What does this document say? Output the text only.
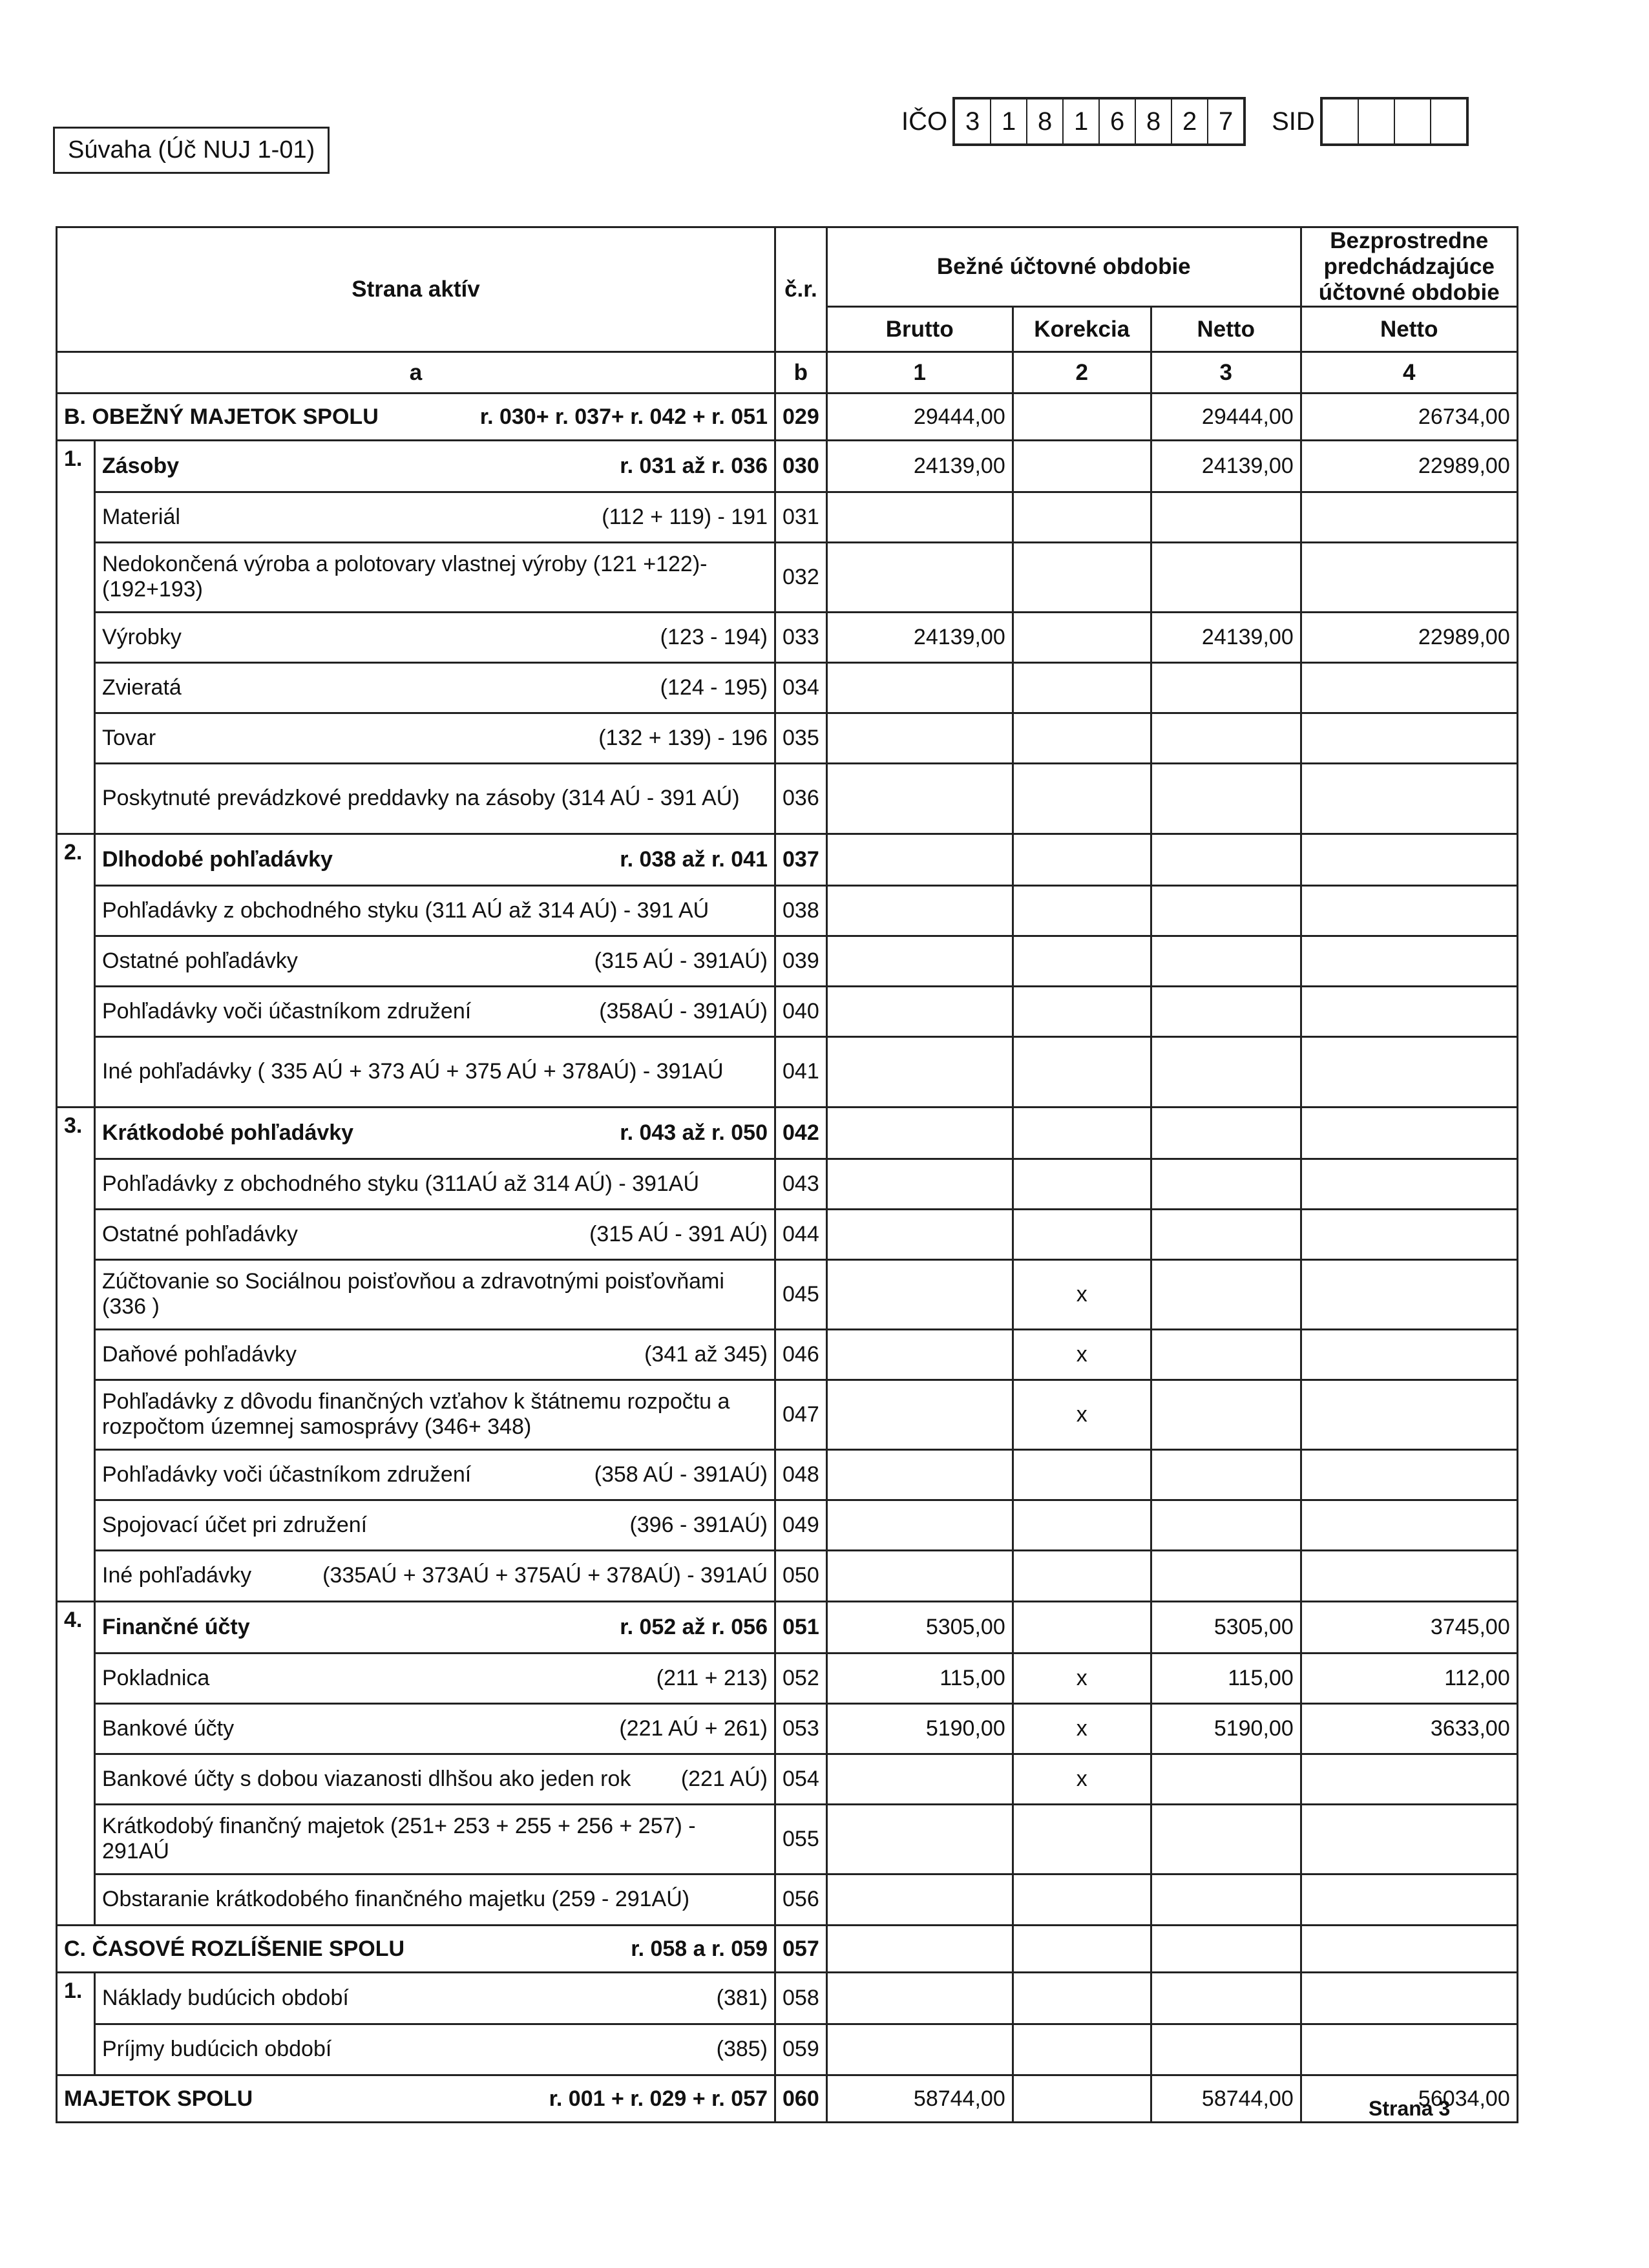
Súvaha (Úč NUJ 1-01)
IČO 3 1 8 1 6 8 2 7	SID
Strana aktív		č.r.	Bežné účtovné obdobie			Bezprostredne predchádzajúce účtovné obdobie
			Brutto	Korekcia	Netto	Netto
a		b	1	2	3	4

B. OBEŽNÝ MAJETOK SPOLU r. 030+ r. 037+ r. 042 + r. 051		029	29444,00		29444,00	26734,00
1.	Zásoby r. 031 až r. 036	030	24139,00		24139,00	22989,00

	Materiál (112 + 119) - 191	031				

	Nedokončená výroba a polotovary vlastnej výroby (121 +122)-(192+193)	032				

	Výrobky (123 - 194)	033	24139,00		24139,00	22989,00

	Zvieratá (124 - 195)	034				

	Tovar (132 + 139) - 196	035				

	Poskytnuté prevádzkové preddavky na zásoby (314 AÚ - 391 AÚ)	036				
2.	Dlhodobé pohľadávky r. 038 až r. 041	037				

	Pohľadávky z obchodného styku (311 AÚ až 314 AÚ) - 391 AÚ	038				

	Ostatné pohľadávky (315 AÚ - 391AÚ)	039				

	Pohľadávky voči účastníkom združení (358AÚ - 391AÚ)	040				

	Iné pohľadávky ( 335 AÚ + 373 AÚ + 375 AÚ + 378AÚ) - 391AÚ	041				
3.	Krátkodobé pohľadávky r. 043 až r. 050	042				

	Pohľadávky z obchodného styku (311AÚ až 314 AÚ) - 391AÚ	043				

	Ostatné pohľadávky (315 AÚ - 391 AÚ)	044				

	Zúčtovanie so Sociálnou poisťovňou a zdravotnými poisťovňami (336 )	045		x		

	Daňové pohľadávky (341 až 345)	046		x		

	Pohľadávky z dôvodu finančných vzťahov k štátnemu rozpočtu a rozpočtom územnej samosprávy (346+ 348)	047		x		

	Pohľadávky voči účastníkom združení (358 AÚ - 391AÚ)	048				

	Spojovací účet pri združení (396 - 391AÚ)	049				

	Iné pohľadávky (335AÚ + 373AÚ + 375AÚ + 378AÚ) - 391AÚ	050				
4.	Finančné účty r. 052 až r. 056	051	5305,00		5305,00	3745,00

	Pokladnica (211 + 213)	052	115,00	x	115,00	112,00

	Bankové účty (221 AÚ + 261)	053	5190,00	x	5190,00	3633,00

	Bankové účty s dobou viazanosti dlhšou ako jeden rok (221 AÚ)	054		x		

	Krátkodobý finančný majetok (251+ 253 + 255 + 256 + 257) - 291AÚ	055				

	Obstaranie krátkodobého finančného majetku (259 - 291AÚ)	056				

C. ČASOVÉ ROZLÍŠENIE SPOLU r. 058 a r. 059		057				
1.	Náklady budúcich období (381)	058				

	Príjmy budúcich období (385)	059				

MAJETOK SPOLU r. 001 + r. 029 + r. 057		060	58744,00		58744,00	56034,00
Strana 3
